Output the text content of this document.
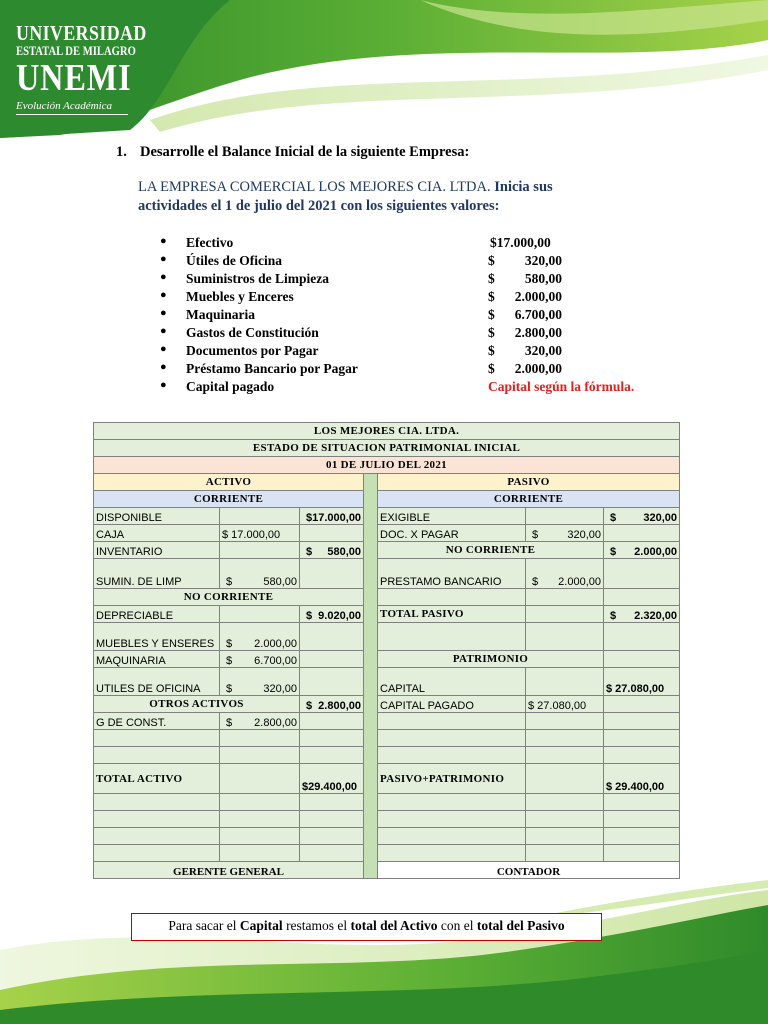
UNIVERSIDAD
ESTATAL DE MILAGRO
UNEMI
Evolución Académica
1. Desarrolle el Balance Inicial de la siguiente Empresa:
LA EMPRESA COMERCIAL LOS MEJORES CIA. LTDA. Inicia sus
actividades el 1 de julio del 2021 con los siguientes valores:
● Efectivo	$17.000,00
● Útiles de Oficina	$ 320,00
● Suministros de Limpieza	$ 580,00
● Muebles y Enceres	$ 2.000,00
● Maquinaria	$ 6.700,00
● Gastos de Constitución	$ 2.800,00
● Documentos por Pagar	$ 320,00
● Préstamo Bancario por Pagar	$ 2.000,00
● Capital pagado	Capital según la fórmula.
LOS MEJORES CIA. LTDA.						
ESTADO DE SITUACION PATRIMONIAL INICIAL						
01 DE JULIO DEL 2021						
ACTIVO				PASIVO		
CORRIENTE				CORRIENTE		
DISPONIBLE		$17.000,00		EXIGIBLE		$ 320,00

CAJA	$ 17.000,00			DOC. X PAGAR	$ 320,00	

INVENTARIO		$ 580,00		NO CORRIENTE		$ 2.000,00

SUMIN. DE LIMP	$ 580,00			PRESTAMO BANCARIO	$ 2.000,00	

NO CORRIENTE						
DEPRECIABLE		$ 9.020,00		TOTAL PASIVO		$ 2.320,00

MUEBLES Y ENSERES	$ 2.000,00					

MAQUINARIA	$ 6.700,00			PATRIMONIO		
UTILES DE OFICINA	$ 320,00			CAPITAL		$ 27.080,00
OTROS ACTIVOS		$ 2.800,00		CAPITAL PAGADO	$ 27.080,00	
G DE CONST.	$ 2.800,00					

TOTAL ACTIVO		$29.400,00		PASIVO+PATRIMONIO		$ 29.400,00

GERENTE GENERAL				CONTADOR		
Para sacar el Capital restamos el total del Activo con el total del Pasivo
